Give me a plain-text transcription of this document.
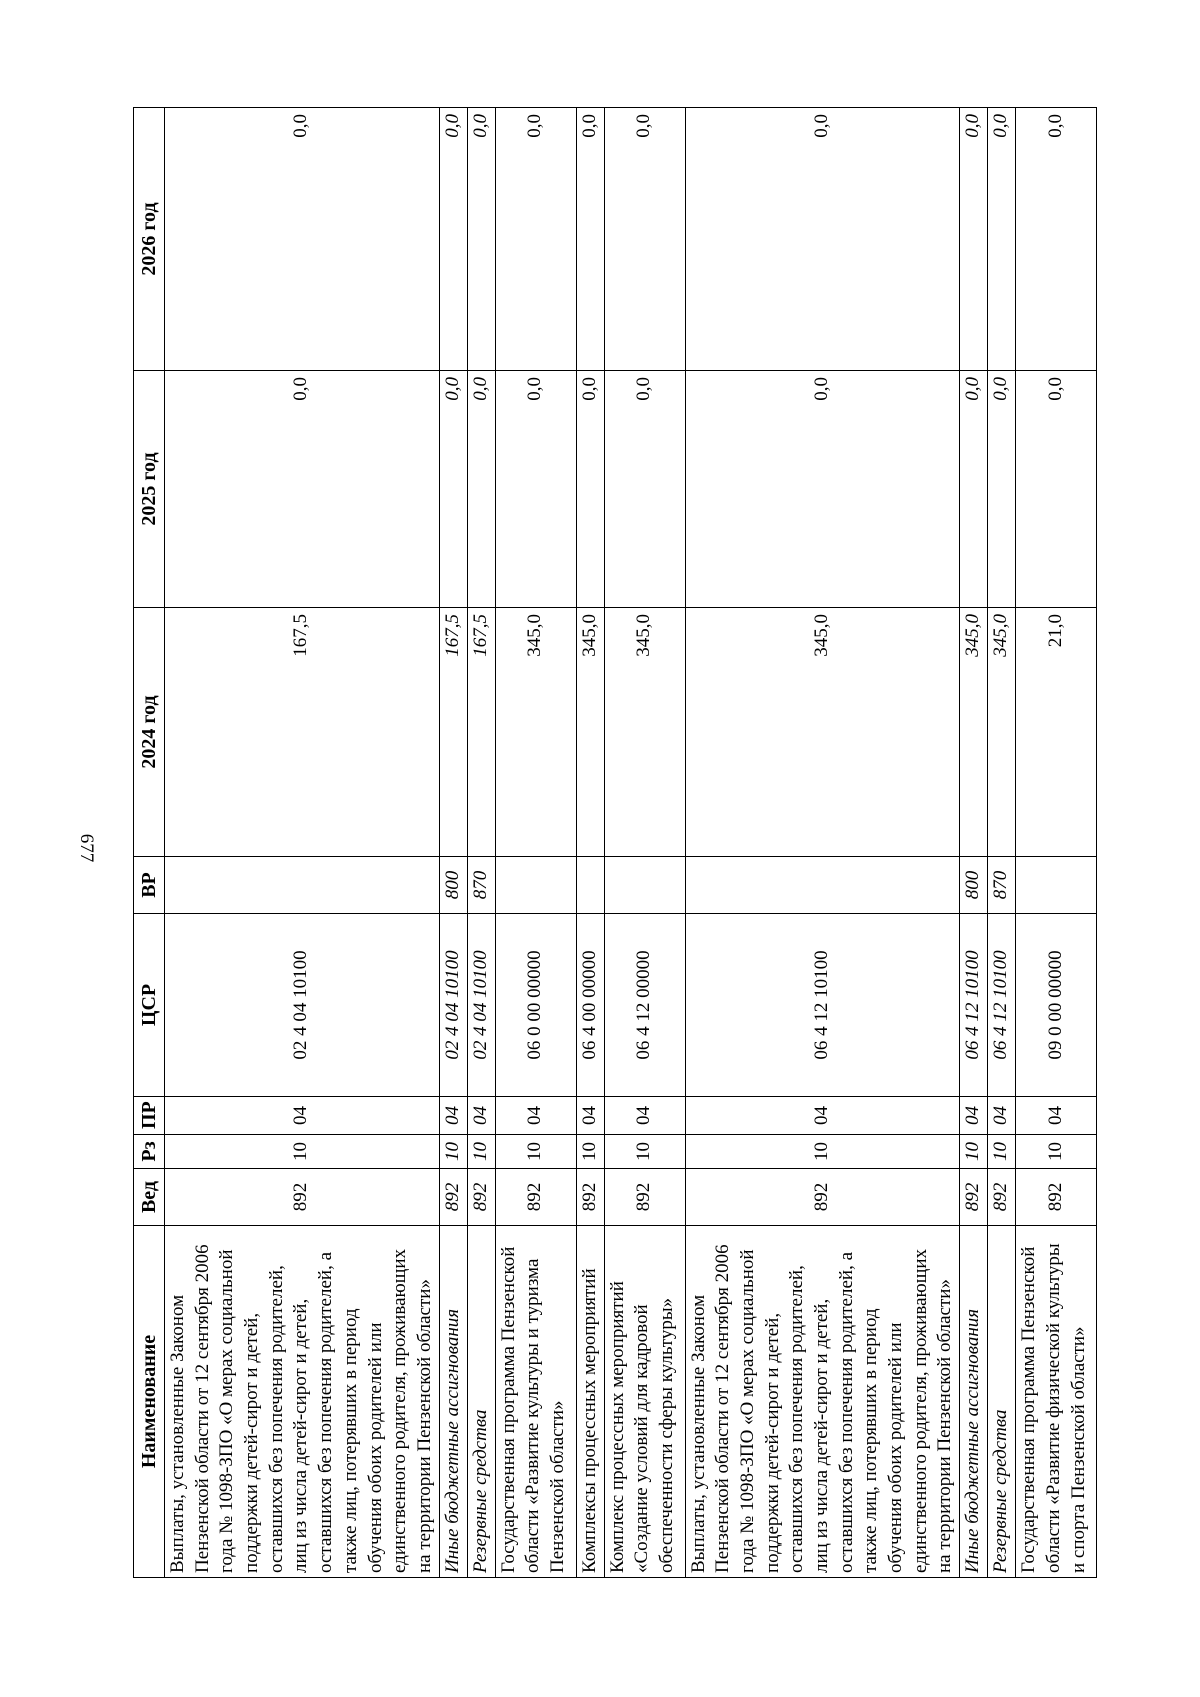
677
Наименование	Вед	Рз	ПР	ЦСР	ВР	2024 год	2025 год	2026 год
Выплаты, установленные Законом Пензенской области от 12 сентября 2006 года № 1098-ЗПО «О мерах социальной поддержки детей-сирот и детей, оставшихся без попечения родителей, лиц из числа детей-сирот и детей, оставшихся без попечения родителей, а также лиц, потерявших в период обучения обоих родителей или единственного родителя, проживающих на территории Пензенской области»	892	10	04	02 4 04 10100		167,5	0,0	0,0
Иные бюджетные ассигнования	892	10	04	02 4 04 10100	800	167,5	0,0	0,0
Резервные средства	892	10	04	02 4 04 10100	870	167,5	0,0	0,0
Государственная программа Пензенской области «Развитие культуры и туризма Пензенской области»	892	10	04	06 0 00 00000		345,0	0,0	0,0
Комплексы процессных мероприятий	892	10	04	06 4 00 00000		345,0	0,0	0,0
Комплекс процессных мероприятий «Создание условий для кадровой обеспеченности сферы культуры»	892	10	04	06 4 12 00000		345,0	0,0	0,0
Выплаты, установленные Законом Пензенской области от 12 сентября 2006 года № 1098-ЗПО «О мерах социальной поддержки детей-сирот и детей, оставшихся без попечения родителей, лиц из числа детей-сирот и детей, оставшихся без попечения родителей, а также лиц, потерявших в период обучения обоих родителей или единственного родителя, проживающих на территории Пензенской области»	892	10	04	06 4 12 10100		345,0	0,0	0,0
Иные бюджетные ассигнования	892	10	04	06 4 12 10100	800	345,0	0,0	0,0
Резервные средства	892	10	04	06 4 12 10100	870	345,0	0,0	0,0
Государственная программа Пензенской области «Развитие физической культуры и спорта Пензенской области»	892	10	04	09 0 00 00000		21,0	0,0	0,0
